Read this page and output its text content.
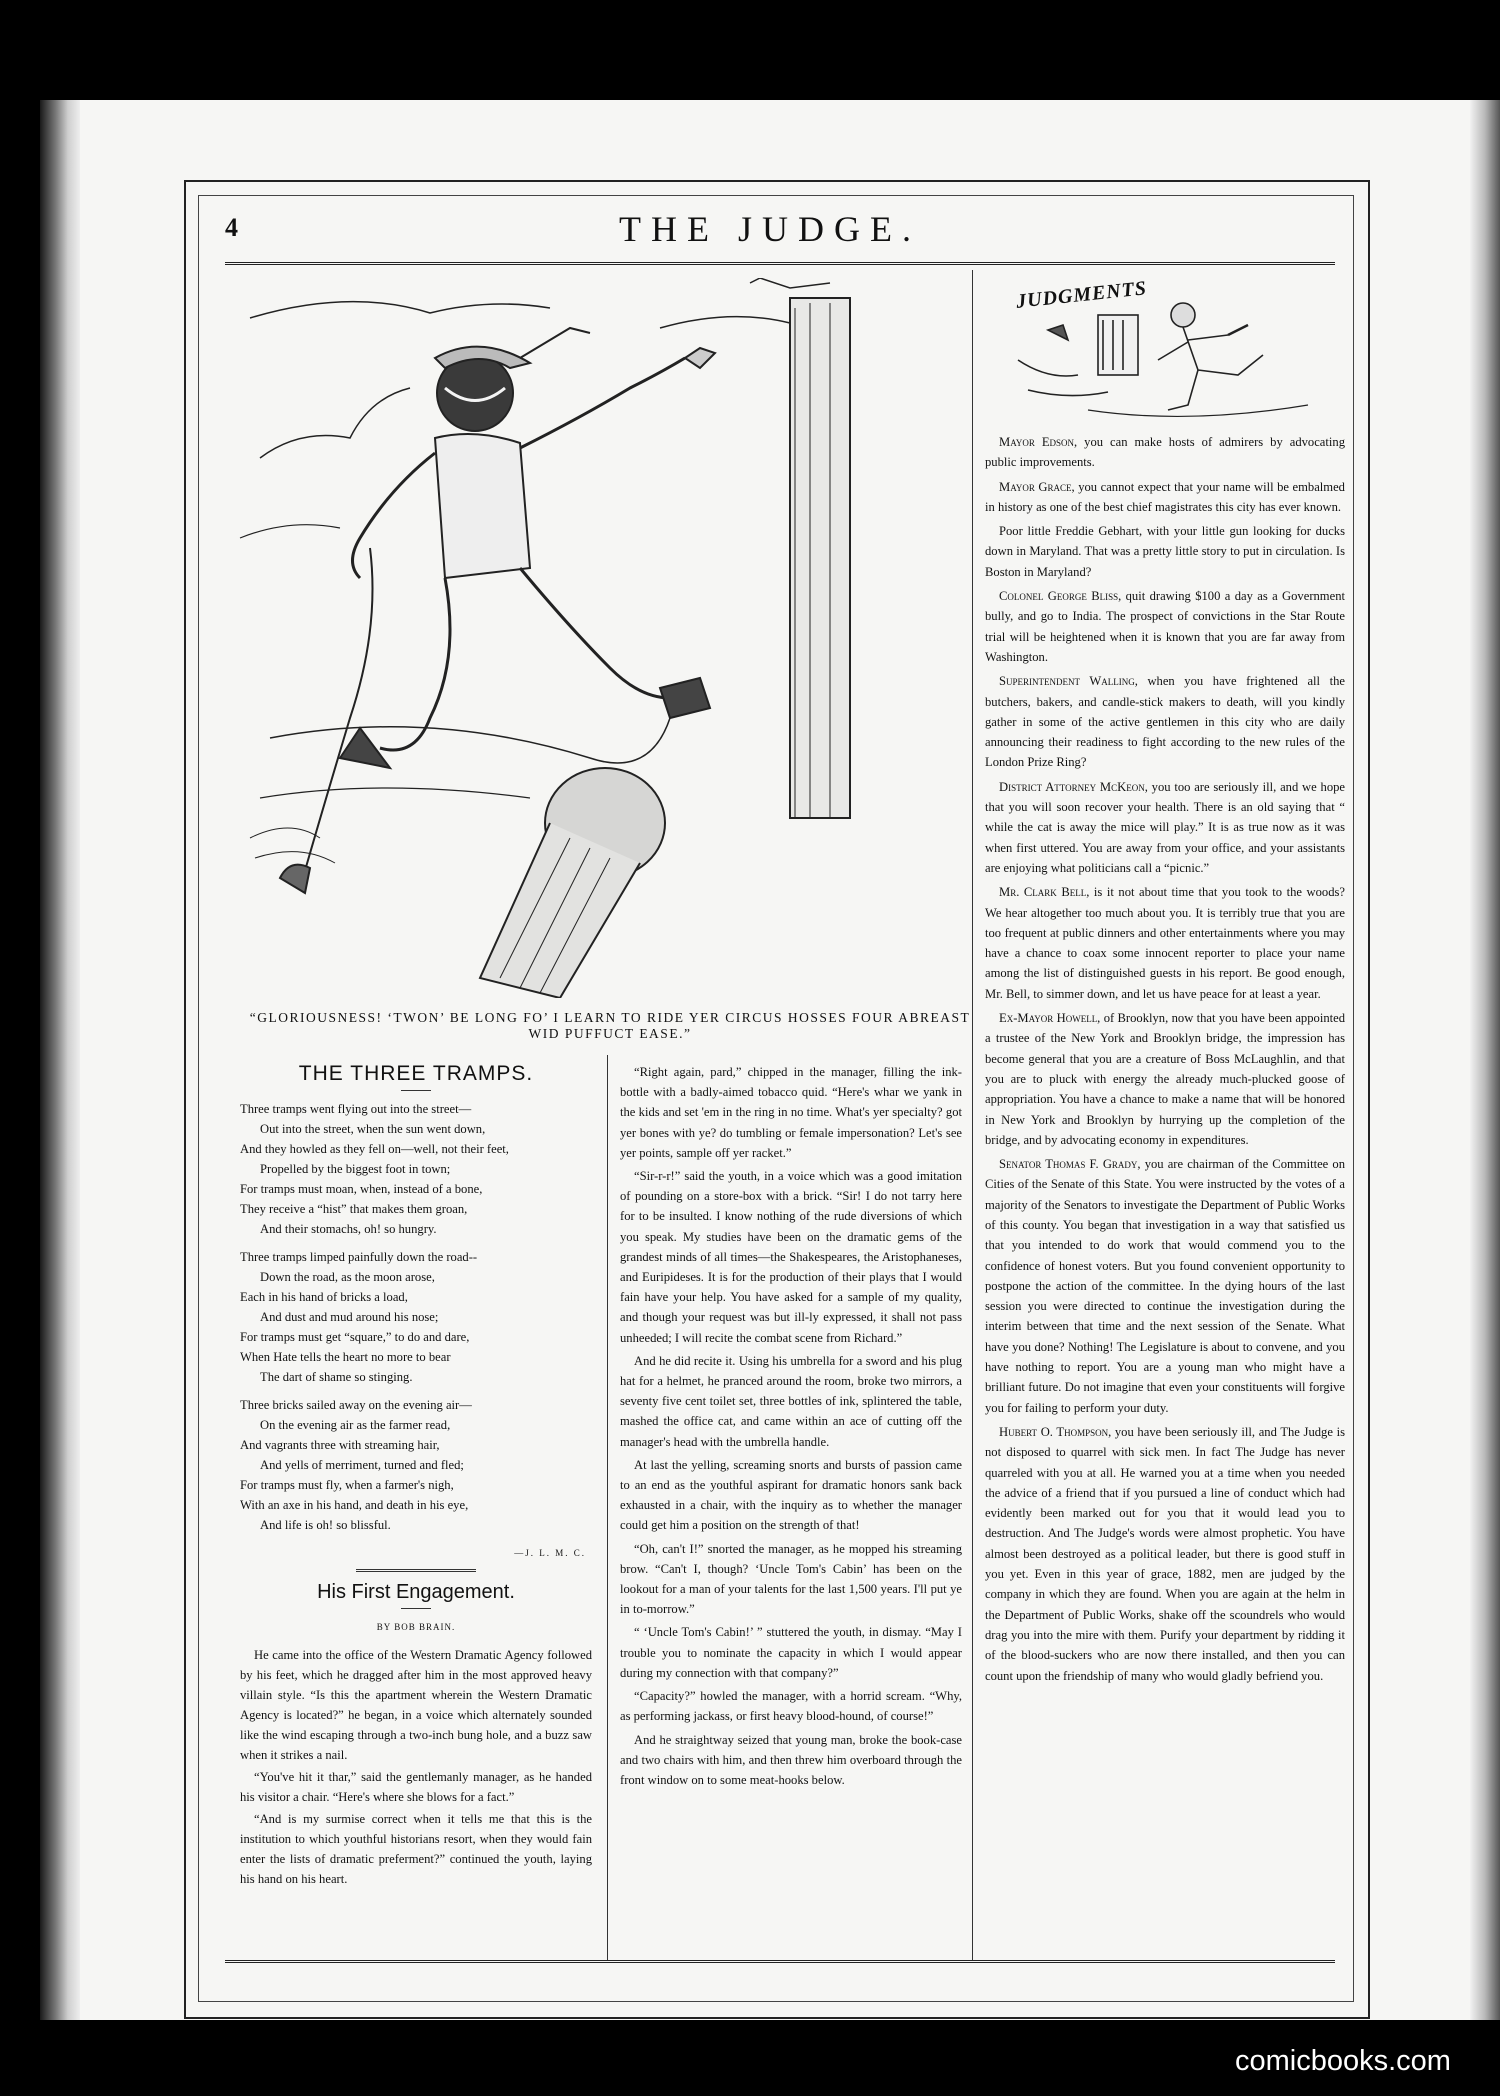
4	THE JUDGE.
“GLORIOUSNESS! ‘TWON’ BE LONG FO’ I LEARN TO RIDE YER CIRCUS HOSSES FOUR ABREAST WID PUFFUCT EASE.”
JUDGMENTS

Mayor Edson, you can make hosts of admirers by advocating public improvements.

Mayor Grace, you cannot expect that your name will be embalmed in history as one of the best chief magistrates this city has ever known.

Poor little Freddie Gebhart, with your little gun looking for ducks down in Maryland. That was a pretty little story to put in circulation. Is Boston in Maryland?

Colonel George Bliss, quit drawing $100 a day as a Government bully, and go to India. The prospect of convictions in the Star Route trial will be heightened when it is known that you are far away from Washington.

Superintendent Walling, when you have frightened all the butchers, bakers, and candle-stick makers to death, will you kindly gather in some of the active gentlemen in this city who are daily announcing their readiness to fight according to the new rules of the London Prize Ring?

District Attorney McKeon, you too are seriously ill, and we hope that you will soon recover your health. There is an old saying that “ while the cat is away the mice will play.” It is as true now as it was when first uttered. You are away from your office, and your assistants are enjoying what politicians call a “picnic.”

Mr. Clark Bell, is it not about time that you took to the woods? We hear altogether too much about you. It is terribly true that you are too frequent at public dinners and other entertainments where you may have a chance to coax some innocent reporter to place your name among the list of distinguished guests in his report. Be good enough, Mr. Bell, to simmer down, and let us have peace for at least a year.

Ex-Mayor Howell, of Brooklyn, now that you have been appointed a trustee of the New York and Brooklyn bridge, the impression has become general that you are a creature of Boss McLaughlin, and that you are to pluck with energy the already much-plucked goose of appropriation. You have a chance to make a name that will be honored in New York and Brooklyn by hurrying up the completion of the bridge, and by advocating economy in expenditures.

Senator Thomas F. Grady, you are chairman of the Committee on Cities of the Senate of this State. You were instructed by the votes of a majority of the Senators to investigate the Department of Public Works of this county. You began that investigation in a way that satisfied us that you intended to do work that would commend you to the confidence of honest voters. But you found convenient opportunity to postpone the action of the committee. In the dying hours of the last session you were directed to continue the investigation during the interim between that time and the next session of the Senate. What have you done? Nothing! The Legislature is about to convene, and you have nothing to report. You are a young man who might have a brilliant future. Do not imagine that even your constituents will forgive you for failing to perform your duty.

Hubert O. Thompson, you have been seriously ill, and The Judge is not disposed to quarrel with sick men. In fact The Judge has never quarreled with you at all. He warned you at a time when you needed the advice of a friend that if you pursued a line of conduct which had evidently been marked out for you that it would lead you to destruction. And The Judge's words were almost prophetic. You have almost been destroyed as a political leader, but there is good stuff in you yet. Even in this year of grace, 1882, men are judged by the company in which they are found. When you are again at the helm in the Department of Public Works, shake off the scoundrels who would drag you into the mire with them. Purify your department by ridding it of the blood-suckers who are now there installed, and then you can count upon the friendship of many who would gladly befriend you.

THE THREE TRAMPS.
Three tramps went flying out into the street—
Out into the street, when the sun went down,
And they howled as they fell on—well, not their feet,
Propelled by the biggest foot in town;
For tramps must moan, when, instead of a bone,
They receive a “hist” that makes them groan,
And their stomachs, oh! so hungry.
Three tramps limped painfully down the road--
Down the road, as the moon arose,
Each in his hand of bricks a load,
And dust and mud around his nose;
For tramps must get “square,” to do and dare,
When Hate tells the heart no more to bear
The dart of shame so stinging.
Three bricks sailed away on the evening air—
On the evening air as the farmer read,
And vagrants three with streaming hair,
And yells of merriment, turned and fled;
For tramps must fly, when a farmer's nigh,
With an axe in his hand, and death in his eye,
And life is oh! so blissful.
—J. L. M. C.
His First Engagement.
BY BOB BRAIN.

He came into the office of the Western Dramatic Agency followed by his feet, which he dragged after him in the most approved heavy villain style. “Is this the apartment wherein the Western Dramatic Agency is located?” he began, in a voice which alternately sounded like the wind escaping through a two-inch bung hole, and a buzz saw when it strikes a nail.

“You've hit it thar,” said the gentlemanly manager, as he handed his visitor a chair. “Here's where she blows for a fact.”

“And is my surmise correct when it tells me that this is the institution to which youthful historians resort, when they would fain enter the lists of dramatic preferment?” continued the youth, laying his hand on his heart.

“Right again, pard,” chipped in the manager, filling the ink-bottle with a badly-aimed tobacco quid. “Here's whar we yank in the kids and set 'em in the ring in no time. What's yer specialty? got yer bones with ye? do tumbling or female impersonation? Let's see yer points, sample off yer racket.”

“Sir-r-r!” said the youth, in a voice which was a good imitation of pounding on a store-box with a brick. “Sir! I do not tarry here for to be insulted. I know nothing of the rude diversions of which you speak. My studies have been on the dramatic gems of the grandest minds of all times—the Shakespeares, the Aristophaneses, and Euripideses. It is for the production of their plays that I would fain have your help. You have asked for a sample of my quality, and though your request was but ill-ly expressed, it shall not pass unheeded; I will recite the combat scene from Richard.”

And he did recite it. Using his umbrella for a sword and his plug hat for a helmet, he pranced around the room, broke two mirrors, a seventy five cent toilet set, three bottles of ink, splintered the table, mashed the office cat, and came within an ace of cutting off the manager's head with the umbrella handle.

At last the yelling, screaming snorts and bursts of passion came to an end as the youthful aspirant for dramatic honors sank back exhausted in a chair, with the inquiry as to whether the manager could get him a position on the strength of that!

“Oh, can't I!” snorted the manager, as he mopped his streaming brow. “Can't I, though? ‘Uncle Tom's Cabin’ has been on the lookout for a man of your talents for the last 1,500 years. I'll put ye in to-morrow.”

“ ‘Uncle Tom's Cabin!’ ” stuttered the youth, in dismay. “May I trouble you to nominate the capacity in which I would appear during my connection with that company?”

“Capacity?” howled the manager, with a horrid scream. “Why, as performing jackass, or first heavy blood-hound, of course!”

And he straightway seized that young man, broke the book-case and two chairs with him, and then threw him overboard through the front window on to some meat-hooks below.

comicbooks.com
